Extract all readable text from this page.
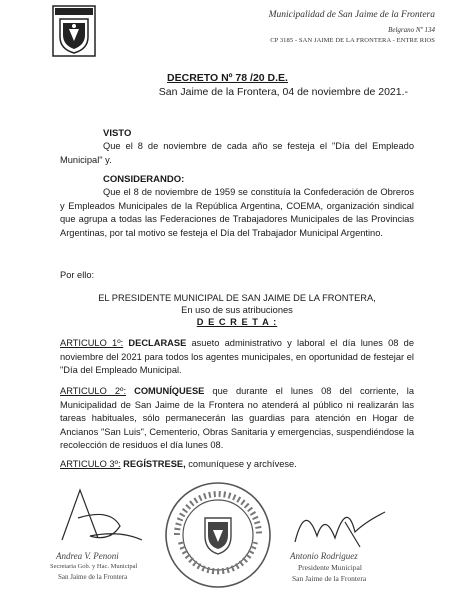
Municipalidad de San Jaime de la Frontera
Belgrano Nº 134
CP 3185 - SAN JAIME DE LA FRONTERA - ENTRE RIOS
DECRETO Nº 78 /20 D.E.
San Jaime de la Frontera, 04 de noviembre de 2021.-
VISTO
Que el 8 de noviembre de cada año se festeja el "Día del Empleado Municipal" y.
CONSIDERANDO:
Que el 8 de noviembre de 1959 se constituía la Confederación de Obreros y Empleados Municipales de la República Argentina, COEMA, organización sindical que agrupa a todas las Federaciones de Trabajadores Municipales de las Provincias Argentinas, por tal motivo se festeja el Día del Trabajador Municipal Argentino.
Por ello:
EL PRESIDENTE MUNICIPAL DE SAN JAIME DE LA FRONTERA,
En uso de sus atribuciones
D E C R E T A :
ARTICULO 1º: DECLARASE asueto administrativo y laboral el día lunes 08 de noviembre del 2021 para todos los agentes municipales, en oportunidad de festejar el "Día del Empleado Municipal.
ARTICULO 2º: COMUNÍQUESE que durante el lunes 08 del corriente, la Municipalidad de San Jaime de la Frontera no atenderá al público ni realizarán las tareas habituales, sólo permanecerán las guardias para atención en Hogar de Ancianos "San Luis", Cementerio, Obras Sanitaria y emergencias, suspendiéndose la recolección de residuos el día lunes 08.
ARTICULO 3º: REGÍSTRESE, comuníquese y archívese.
Andrea V. Penoni
Secretaria Gob. y Hac. Municipal
San Jaime de la Frontera
Antonio Rodriguez
Presidente Municipal
San Jaime de la Frontera
